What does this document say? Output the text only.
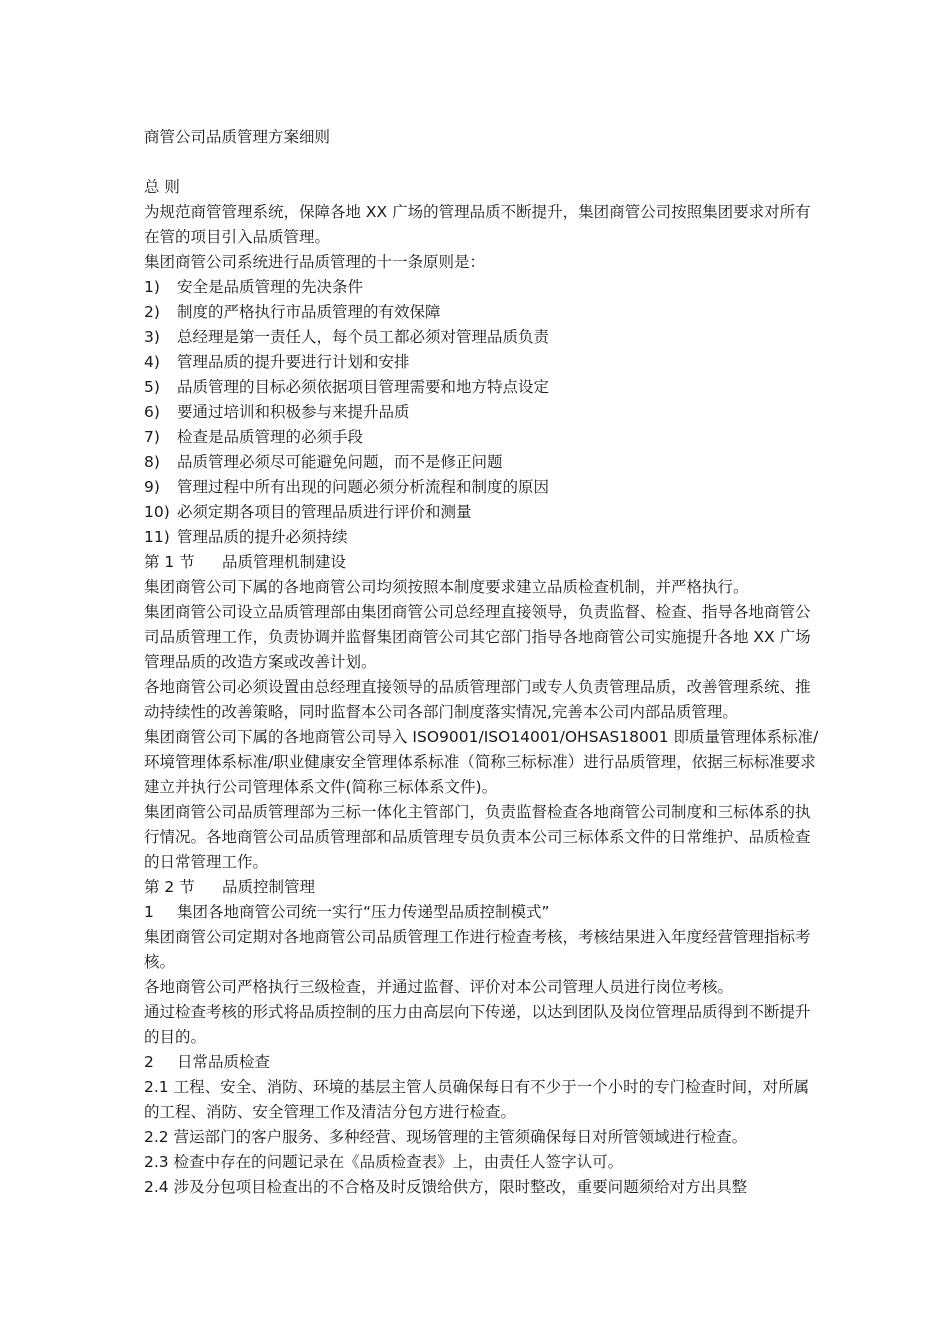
商管公司品质管理方案细则

总 则

为规范商管管理系统，保障各地 XX 广场的管理品质不断提升，集团商管公司按照集团要求对所有在管的项目引入品质管理。

集团商管公司系统进行品质管理的十一条原则是：

1)	安全是品质管理的先决条件
2)	制度的严格执行市品质管理的有效保障
3)	总经理是第一责任人，每个员工都必须对管理品质负责
4)	管理品质的提升要进行计划和安排
5)	品质管理的目标必须依据项目管理需要和地方特点设定
6)	要通过培训和积极参与来提升品质
7)	检查是品质管理的必须手段
8)	品质管理必须尽可能避免问题，而不是修正问题
9)	管理过程中所有出现的问题必须分析流程和制度的原因
10) 必须定期各项目的管理品质进行评价和测量
11) 管理品质的提升必须持续
第 1 节	品质管理机制建设

集团商管公司下属的各地商管公司均须按照本制度要求建立品质检查机制，并严格执行。

集团商管公司设立品质管理部由集团商管公司总经理直接领导，负责监督、检查、指导各地商管公司品质管理工作，负责协调并监督集团商管公司其它部门指导各地商管公司实施提升各地 XX 广场管理品质的改造方案或改善计划。

各地商管公司必须设置由总经理直接领导的品质管理部门或专人负责管理品质，改善管理系统、推动持续性的改善策略，同时监督本公司各部门制度落实情况,完善本公司内部品质管理。

集团商管公司下属的各地商管公司导入 ISO9001/ISO14001/OHSAS18001 即质量管理体系标准/环境管理体系标准/职业健康安全管理体系标准（简称三标标准）进行品质管理，依据三标标准要求建立并执行公司管理体系文件(简称三标体系文件)。

集团商管公司品质管理部为三标一体化主管部门，负责监督检查各地商管公司制度和三标体系的执行情况。各地商管公司品质管理部和品质管理专员负责本公司三标体系文件的日常维护、品质检查的日常管理工作。

第 2 节	品质控制管理
1	集团各地商管公司统一实行“压力传递型品质控制模式”

集团商管公司定期对各地商管公司品质管理工作进行检查考核，考核结果进入年度经营管理指标考核。

各地商管公司严格执行三级检查，并通过监督、评价对本公司管理人员进行岗位考核。

通过检查考核的形式将品质控制的压力由高层向下传递，以达到团队及岗位管理品质得到不断提升的目的。

2	日常品质检查

2.1 工程、安全、消防、环境的基层主管人员确保每日有不少于一个小时的专门检查时间，对所属的工程、消防、安全管理工作及清洁分包方进行检查。

2.2 营运部门的客户服务、多种经营、现场管理的主管须确保每日对所管领域进行检查。

2.3 检查中存在的问题记录在《品质检查表》上，由责任人签字认可。

2.4 涉及分包项目检查出的不合格及时反馈给供方，限时整改，重要问题须给对方出具整
